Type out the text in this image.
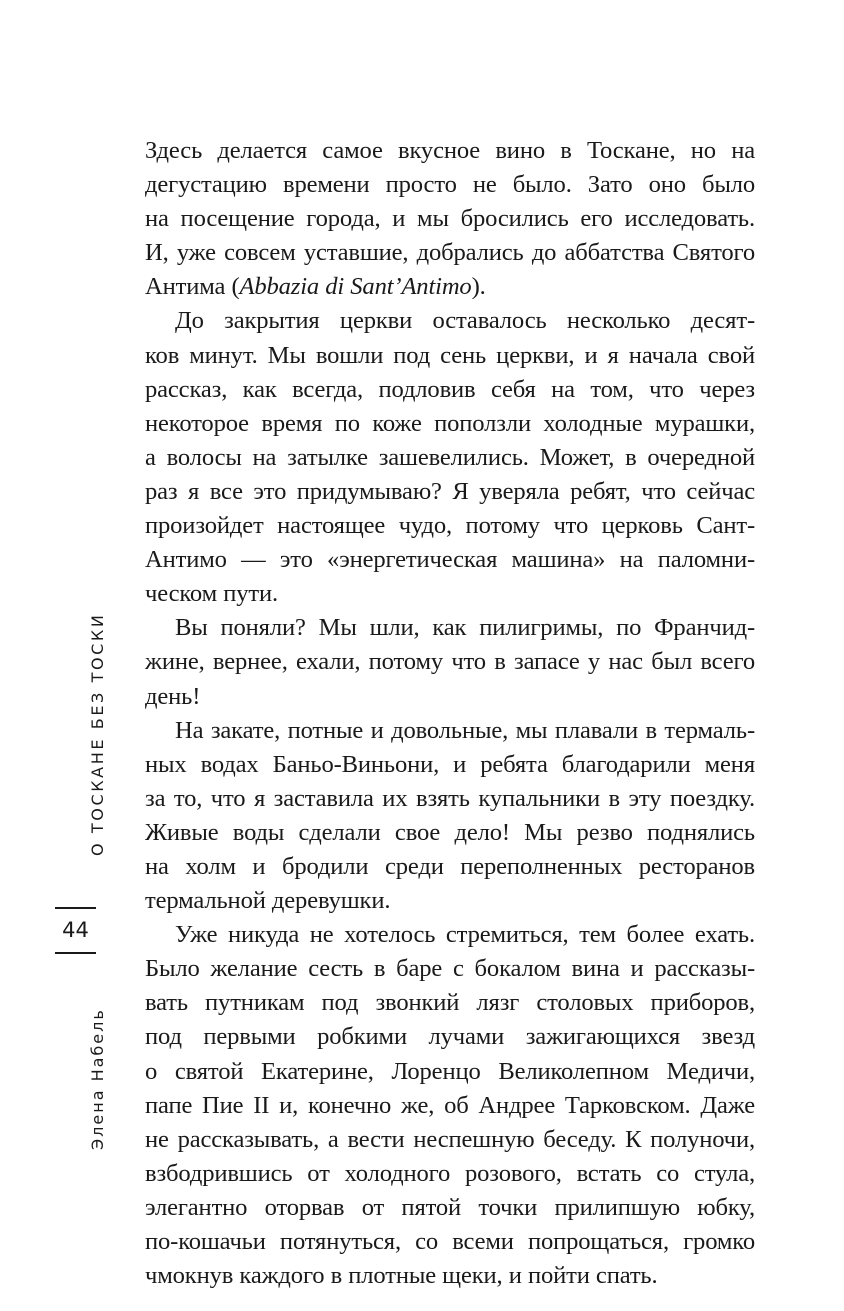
Здесь делается самое вкусное вино в Тоскане, но на
дегустацию времени просто не было. Зато оно было
на посещение города, и мы бросились его исследовать.
И, уже совсем уставшие, добрались до аббатства Святого
Антима (Abbazia di Sant’Antimo).
До закрытия церкви оставалось несколько десят-
ков минут. Мы вошли под сень церкви, и я начала свой
рассказ, как всегда, подловив себя на том, что через
некоторое время по коже поползли холодные мурашки,
а волосы на затылке зашевелились. Может, в очередной
раз я все это придумываю? Я уверяла ребят, что сейчас
произойдет настоящее чудо, потому что церковь Сант-
Антимо — это «энергетическая машина» на паломни-
ческом пути.
Вы поняли? Мы шли, как пилигримы, по Франчид-
жине, вернее, ехали, потому что в запасе у нас был всего
день!
На закате, потные и довольные, мы плавали в термаль-
ных водах Баньо-Виньони, и ребята благодарили меня
за то, что я заставила их взять купальники в эту поездку.
Живые воды сделали свое дело! Мы резво поднялись
на холм и бродили среди переполненных ресторанов
термальной деревушки.
Уже никуда не хотелось стремиться, тем более ехать.
Было желание сесть в баре с бокалом вина и рассказы-
вать путникам под звонкий лязг столовых приборов,
под первыми робкими лучами зажигающихся звезд
о святой Екатерине, Лоренцо Великолепном Медичи,
папе Пие II и, конечно же, об Андрее Тарковском. Даже
не рассказывать, а вести неспешную беседу. К полуночи,
взбодрившись от холодного розового, встать со стула,
элегантно оторвав от пятой точки прилипшую юбку,
по-кошачьи потянуться, со всеми попрощаться, громко
чмокнув каждого в плотные щеки, и пойти спать.
О ТОСКАНЕ БЕЗ ТОСКИ
44
Элена Набель
